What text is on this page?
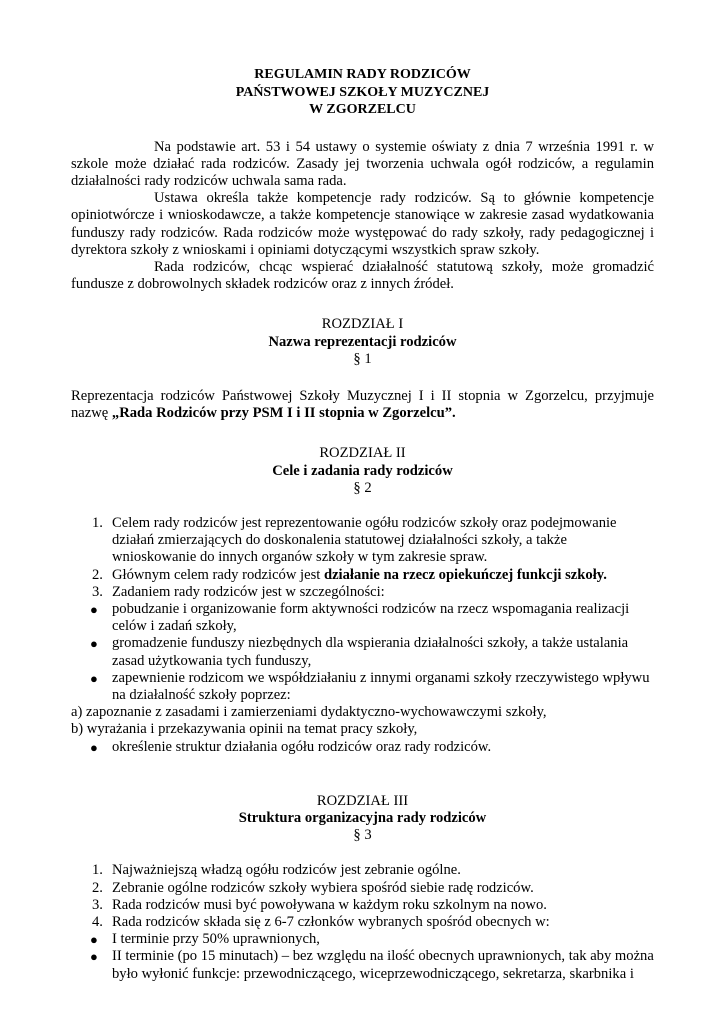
REGULAMIN RADY RODZICÓW
PAŃSTWOWEJ SZKOŁY MUZYCZNEJ
W ZGORZELCU

Na podstawie art. 53 i 54 ustawy o systemie oświaty z dnia 7 września 1991 r. w szkole może działać rada rodziców. Zasady jej tworzenia uchwala ogół rodziców, a regulamin działalności rady rodziców uchwala sama rada.

Ustawa określa także kompetencje rady rodziców. Są to głównie kompetencje opiniotwórcze i wnioskodawcze, a także kompetencje stanowiące w zakresie zasad wydatkowania funduszy rady rodziców. Rada rodziców może występować do rady szkoły, rady pedagogicznej i dyrektora szkoły z wnioskami i opiniami dotyczącymi wszystkich spraw szkoły.

Rada rodziców, chcąc wspierać działalność statutową szkoły, może gromadzić fundusze z dobrowolnych składek rodziców oraz z innych źródeł.

ROZDZIAŁ I

Nazwa reprezentacji rodziców

§ 1

Reprezentacja rodziców Państwowej Szkoły Muzycznej I i II stopnia w Zgorzelcu, przyjmuje nazwę „Rada Rodziców przy PSM I i II stopnia w Zgorzelcu”.

ROZDZIAŁ II

Cele i zadania rady rodziców

§ 2

1. Celem rady rodziców jest reprezentowanie ogółu rodziców szkoły oraz podejmowanie działań zmierzających do doskonalenia statutowej działalności szkoły, a także wnioskowanie do innych organów szkoły w tym zakresie spraw.
2. Głównym celem rady rodziców jest działanie na rzecz opiekuńczej funkcji szkoły.
3. Zadaniem rady rodziców jest w szczególności:
● pobudzanie i organizowanie form aktywności rodziców na rzecz wspomagania realizacji celów i zadań szkoły,
● gromadzenie funduszy niezbędnych dla wspierania działalności szkoły, a także ustalania zasad użytkowania tych funduszy,
● zapewnienie rodzicom we współdziałaniu z innymi organami szkoły rzeczywistego wpływu na działalność szkoły poprzez:

a) zapoznanie z zasadami i zamierzeniami dydaktyczno-wychowawczymi szkoły,

b) wyrażania i przekazywania opinii na temat pracy szkoły,

● określenie struktur działania ogółu rodziców oraz rady rodziców.

ROZDZIAŁ III

Struktura organizacyjna rady rodziców

§ 3

1. Najważniejszą władzą ogółu rodziców jest zebranie ogólne.
2. Zebranie ogólne rodziców szkoły wybiera spośród siebie radę rodziców.
3. Rada rodziców musi być powoływana w każdym roku szkolnym na nowo.
4. Rada rodziców składa się z 6-7 członków wybranych spośród obecnych w:
● I terminie przy 50% uprawnionych,
● II terminie (po 15 minutach) – bez względu na ilość obecnych uprawnionych, tak aby można było wyłonić funkcje: przewodniczącego, wiceprzewodniczącego, sekretarza, skarbnika i
